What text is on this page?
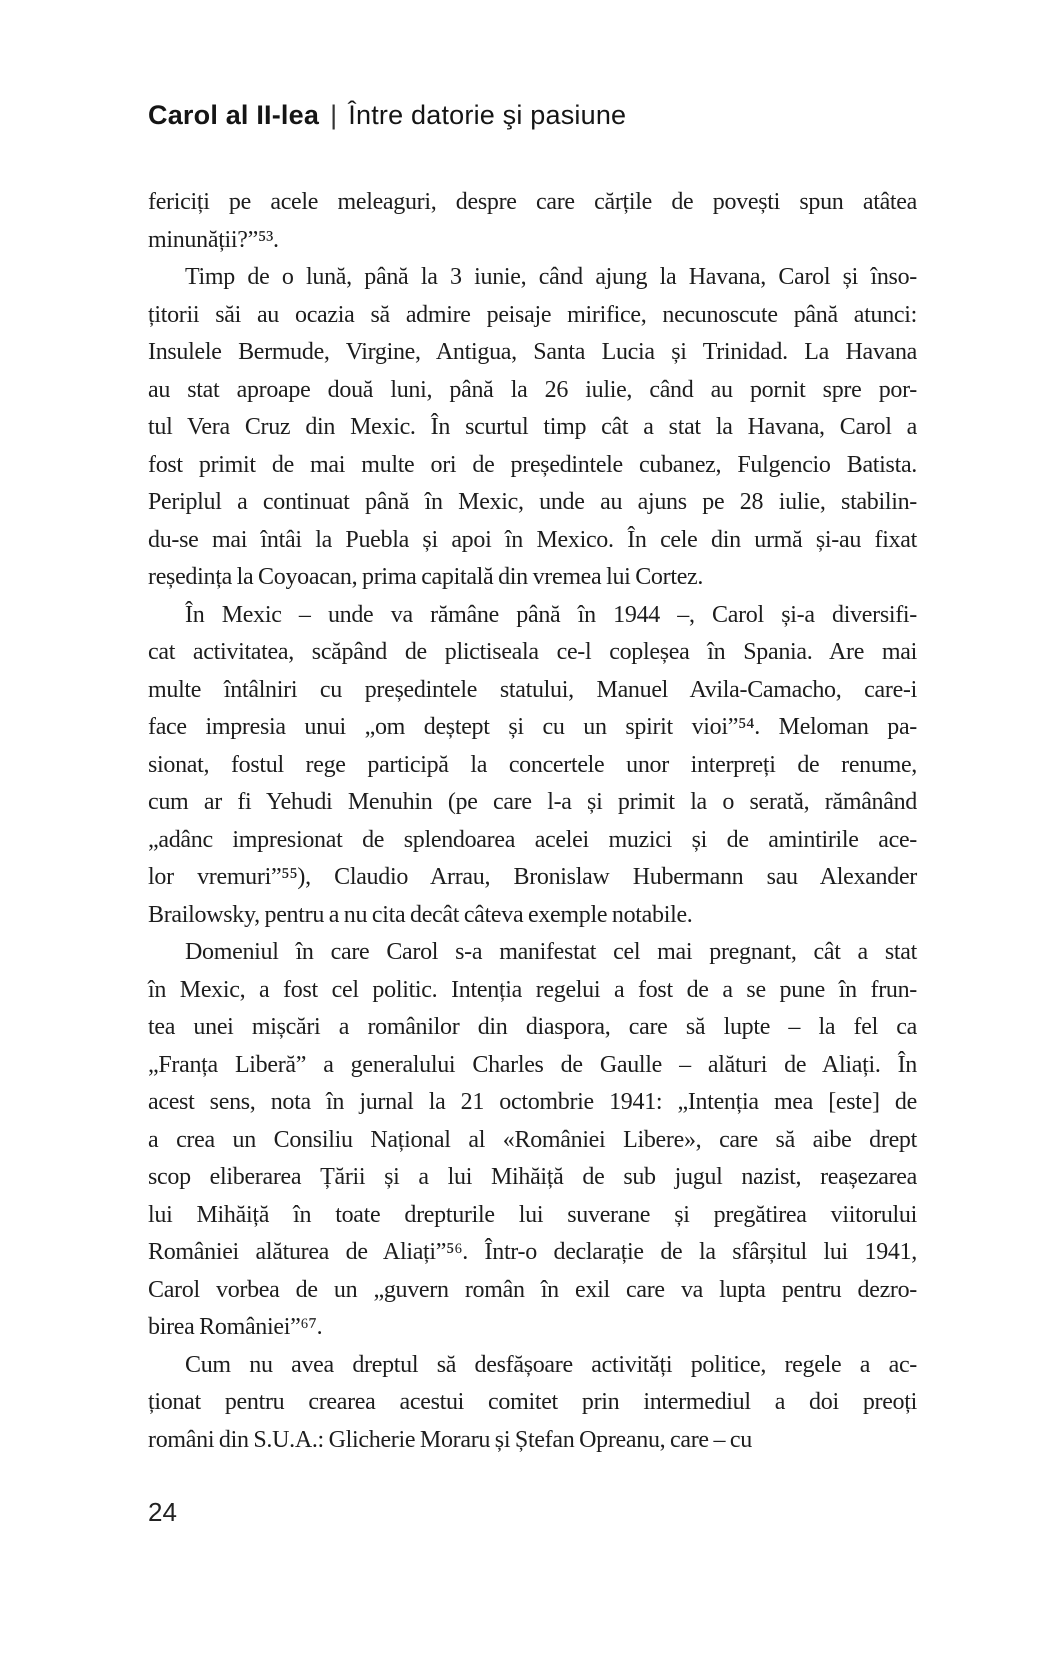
Carol al II-lea | Între datorie şi pasiune
fericiți pe acele meleaguri, despre care cărțile de povești spun atâtea
minunății?”⁵³.
Timp de o lună, până la 3 iunie, când ajung la Havana, Carol și înso-
țitorii săi au ocazia să admire peisaje mirifice, necunoscute până atunci:
Insulele Bermude, Virgine, Antigua, Santa Lucia și Trinidad. La Havana
au stat aproape două luni, până la 26 iulie, când au pornit spre por-
tul Vera Cruz din Mexic. În scurtul timp cât a stat la Havana, Carol a
fost primit de mai multe ori de președintele cubanez, Fulgencio Batista.
Periplul a continuat până în Mexic, unde au ajuns pe 28 iulie, stabilin-
du-se mai întâi la Puebla și apoi în Mexico. În cele din urmă și-au fixat
reședința la Coyoacan, prima capitală din vremea lui Cortez.
În Mexic – unde va rămâne până în 1944 –, Carol și-a diversifi-
cat activitatea, scăpând de plictiseala ce-l copleșea în Spania. Are mai
multe întâlniri cu președintele statului, Manuel Avila-Camacho, care-i
face impresia unui „om deștept și cu un spirit vioi”⁵⁴. Meloman pa-
sionat, fostul rege participă la concertele unor interpreți de renume,
cum ar fi Yehudi Menuhin (pe care l-a și primit la o serată, rămânând
„adânc impresionat de splendoarea acelei muzici și de amintirile ace-
lor vremuri”⁵⁵), Claudio Arrau, Bronislaw Hubermann sau Alexander
Brailowsky, pentru a nu cita decât câteva exemple notabile.
Domeniul în care Carol s-a manifestat cel mai pregnant, cât a stat
în Mexic, a fost cel politic. Intenția regelui a fost de a se pune în frun-
tea unei mișcări a românilor din diaspora, care să lupte – la fel ca
„Franța Liberă” a generalului Charles de Gaulle – alături de Aliați. În
acest sens, nota în jurnal la 21 octombrie 1941: „Intenția mea [este] de
a crea un Consiliu Național al «României Libere», care să aibe drept
scop eliberarea Țării și a lui Mihăiță de sub jugul nazist, reașezarea
lui Mihăiță în toate drepturile lui suverane și pregătirea viitorului
României alăturea de Aliați”⁵⁶. Într-o declarație de la sfârșitul lui 1941,
Carol vorbea de un „guvern român în exil care va lupta pentru dezro-
birea României”⁶⁷.
Cum nu avea dreptul să desfășoare activități politice, regele a ac-
ționat pentru crearea acestui comitet prin intermediul a doi preoți
români din S.U.A.: Glicherie Moraru și Ștefan Opreanu, care – cu
24
